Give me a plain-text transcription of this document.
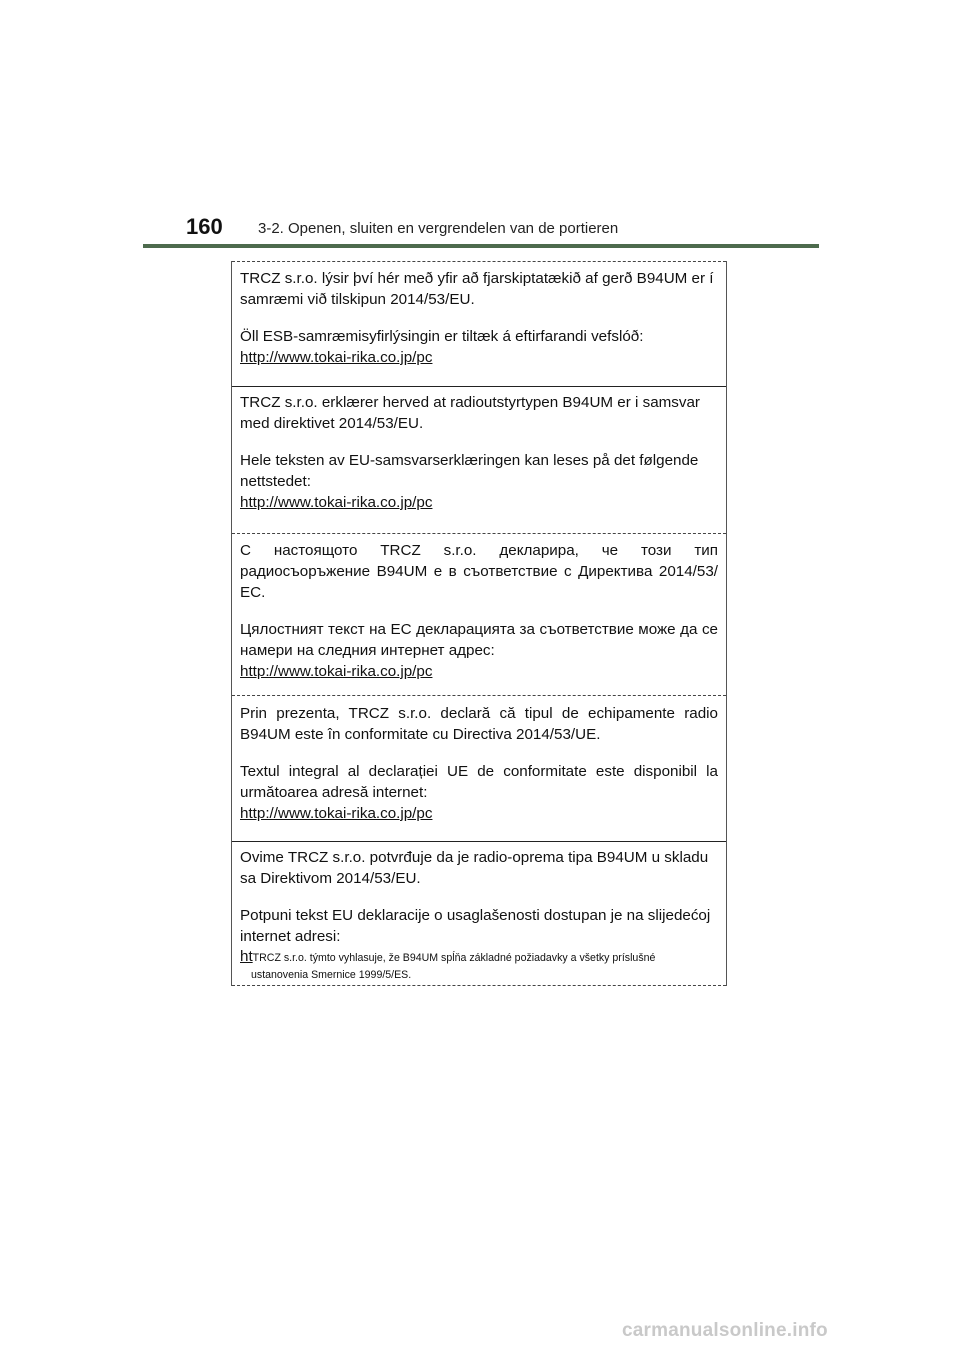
160 3-2. Openen, sluiten en vergrendelen van de portieren

TRCZ s.r.o. lýsir því hér með yfir að fjarskiptatækið af gerð B94UM er í samræmi við tilskipun 2014/53/EU.

Öll ESB-samræmisyfirlýsingin er tiltæk á eftirfarandi vefslóð:

http://www.tokai-rika.co.jp/pc

TRCZ s.r.o. erklærer herved at radioutstyrtypen B94UM er i samsvar med direktivet 2014/53/EU.

Hele teksten av EU-samsvarserklæringen kan leses på det følgende nettstedet:

http://www.tokai-rika.co.jp/pc

С настоящото TRCZ s.r.o. декларира, че този тип радиосъоръжение B94UM е в съответствие с Директива 2014/53/ЕС.

Цялостният текст на ЕС декларацията за съответствие може да се намери на следния интернет адрес:

http://www.tokai-rika.co.jp/pc

Prin prezenta, TRCZ s.r.o. declară că tipul de echipamente radio B94UM este în conformitate cu Directiva 2014/53/UE.

Textul integral al declarației UE de conformitate este disponibil la următoarea adresă internet:

http://www.tokai-rika.co.jp/pc

Ovime TRCZ s.r.o. potvrđuje da je radio-oprema tipa B94UM u skladu sa Direktivom 2014/53/EU.

Potpuni tekst EU deklaracije o usaglašenosti dostupan je na slijedećoj internet adresi:

htTRCZ s.r.o. týmto vyhlasuje, že B94UM spĺňa základné požiadavky a všetky príslušné

ustanovenia Smernice 1999/5/ES.

carmanualsonline.info
